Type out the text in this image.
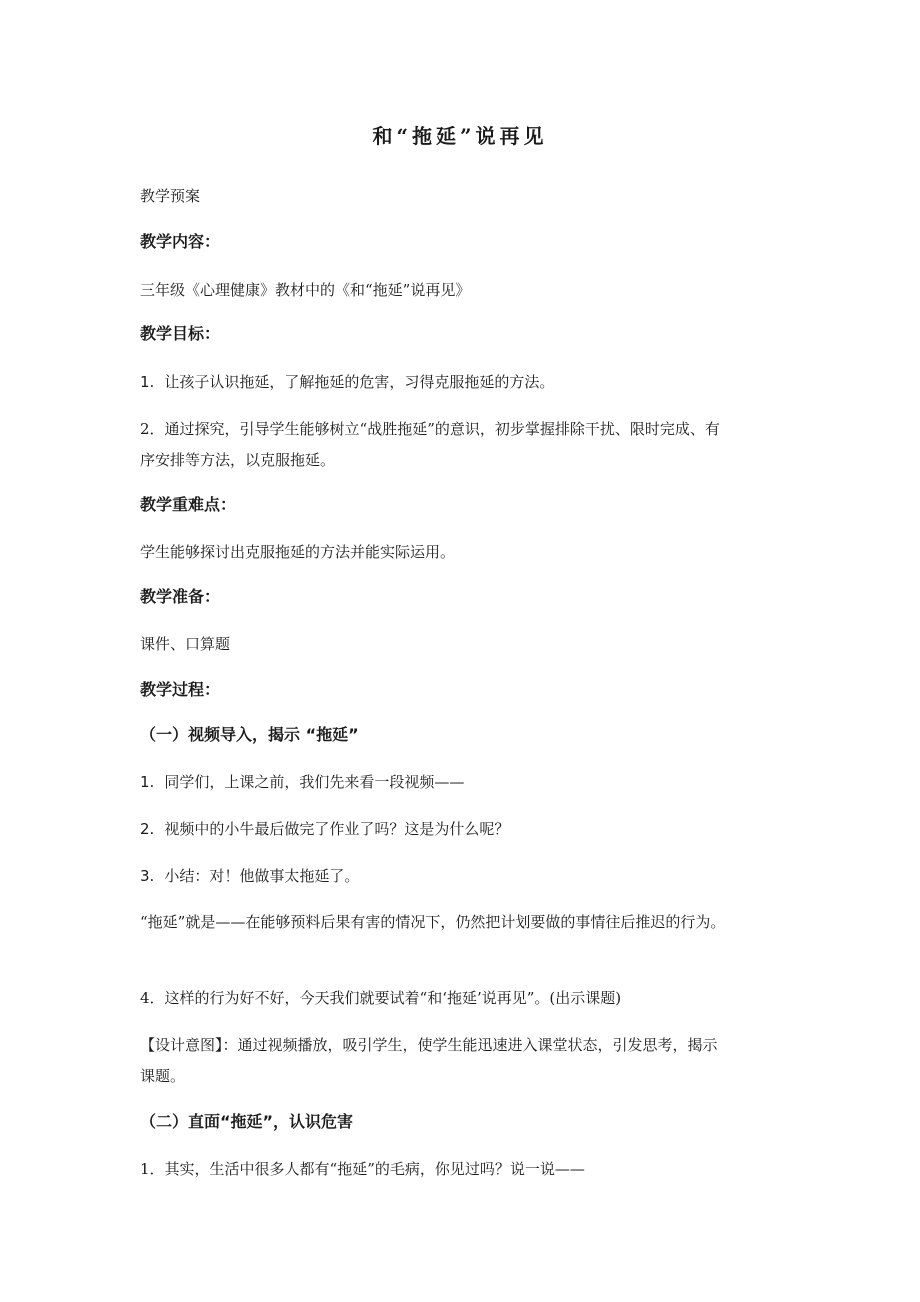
和“拖延”说再见

教学预案

教学内容：

三年级《心理健康》教材中的《和“拖延”说再见》

教学目标：

1. 让孩子认识拖延，了解拖延的危害，习得克服拖延的方法。

2．通过探究，引导学生能够树立“战胜拖延”的意识，初步掌握排除干扰、限时完成、有

序安排等方法，以克服拖延。

教学重难点：

学生能够探讨出克服拖延的方法并能实际运用。

教学准备：

课件、口算题

教学过程：

（一）视频导入，揭示 “拖延”

1. 同学们，上课之前，我们先来看一段视频——

2. 视频中的小牛最后做完了作业了吗？这是为什么呢？

3. 小结：对！他做事太拖延了。

“拖延”就是——在能够预料后果有害的情况下，仍然把计划要做的事情往后推迟的行为。

4．这样的行为好不好，今天我们就要试着“和‘拖延’说再见”。(出示课题)

【设计意图】：通过视频播放，吸引学生，使学生能迅速进入课堂状态，引发思考，揭示

课题。

（二）直面“拖延”，认识危害

1．其实，生活中很多人都有“拖延”的毛病，你见过吗？说一说——
